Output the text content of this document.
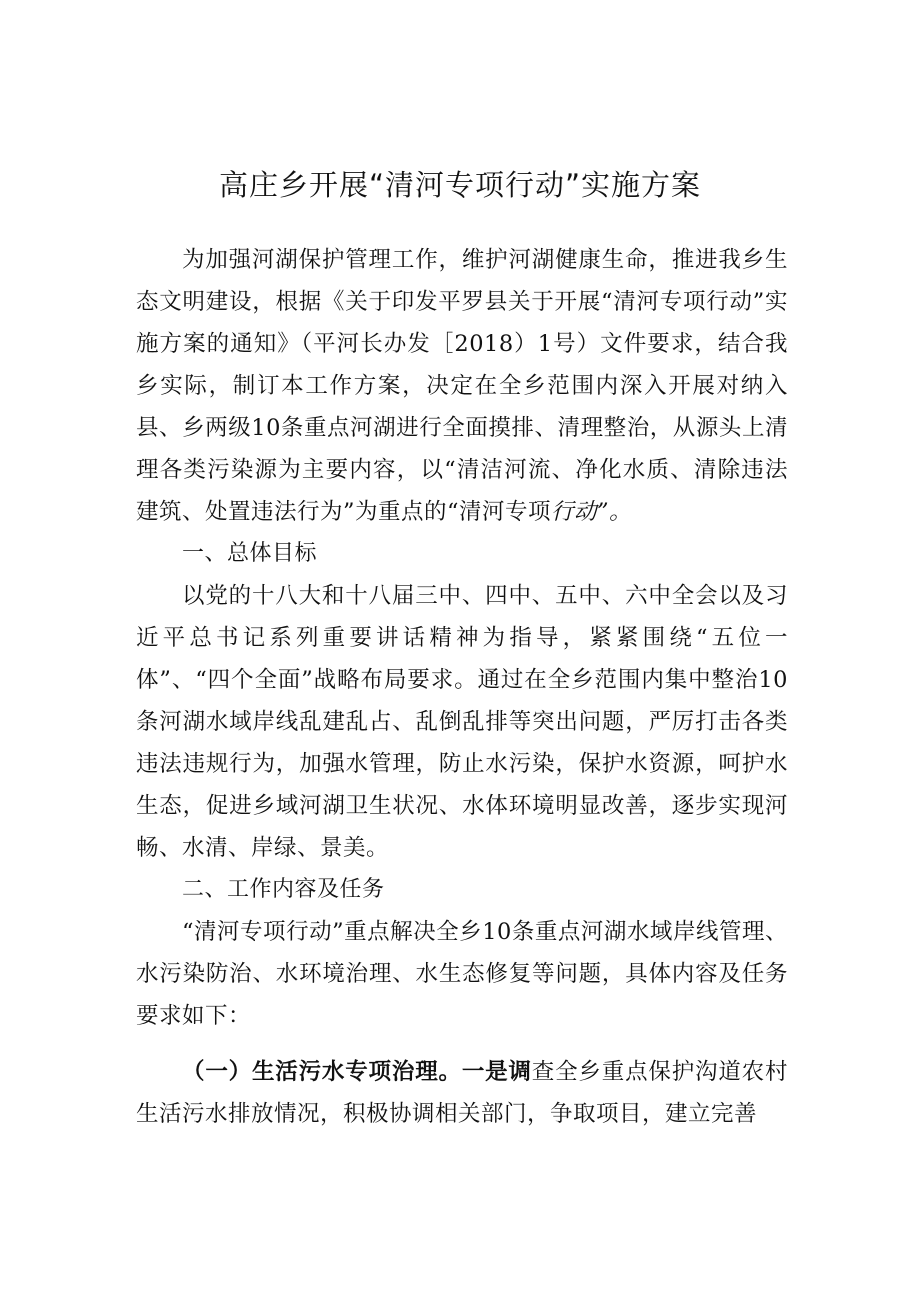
高庄乡开展“清河专项行动”实施方案

为加强河湖保护管理工作，维护河湖健康生命，推进我乡生态文明建设，根据《关于印发平罗县关于开展“清河专项行动”实施方案的通知》（平河长办发［2018）1号）文件要求，结合我乡实际，制订本工作方案，决定在全乡范围内深入开展对纳入县、乡两级10条重点河湖进行全面摸排、清理整治，从源头上清理各类污染源为主要内容，以“清洁河流、净化水质、清除违法建筑、处置违法行为”为重点的“清河专项行动”。

一、总体目标

以党的十八大和十八届三中、四中、五中、六中全会以及习近平总书记系列重要讲话精神为指导，紧紧围绕“五位一体”、“四个全面”战略布局要求。通过在全乡范围内集中整治10条河湖水域岸线乱建乱占、乱倒乱排等突出问题，严厉打击各类违法违规行为，加强水管理，防止水污染，保护水资源，呵护水生态，促进乡域河湖卫生状况、水体环境明显改善，逐步实现河畅、水清、岸绿、景美。

二、工作内容及任务

“清河专项行动”重点解决全乡10条重点河湖水域岸线管理、水污染防治、水环境治理、水生态修复等问题，具体内容及任务要求如下：

（一）生活污水专项治理。一是调查全乡重点保护沟道农村生活污水排放情况，积极协调相关部门，争取项目，建立完善
